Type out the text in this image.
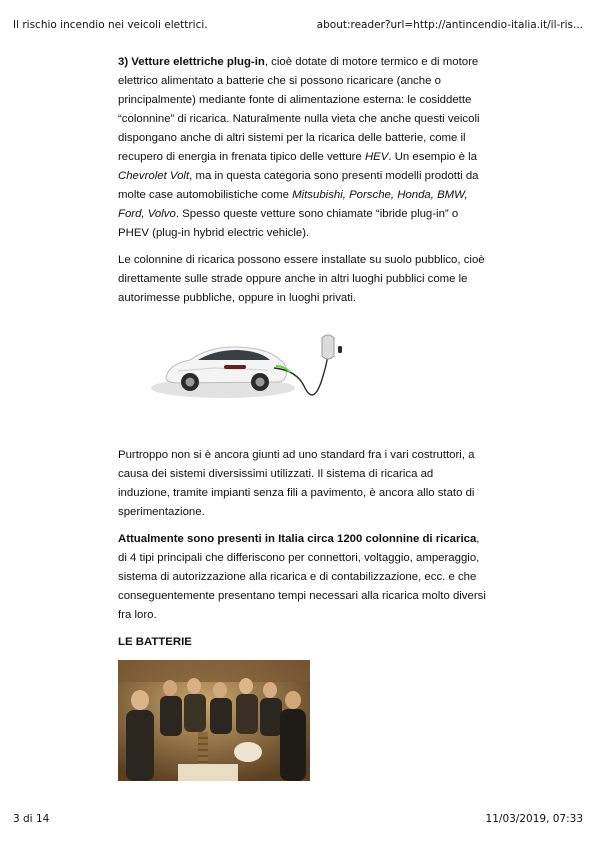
Il rischio incendio nei veicoli elettrici.	about:reader?url=http://antincendio-italia.it/il-ris...

3) Vetture elettriche plug-in, cioè dotate di motore termico e di motore elettrico alimentato a batterie che si possono ricaricare (anche o principalmente) mediante fonte di alimentazione esterna: le cosiddette “colonnine” di ricarica. Naturalmente nulla vieta che anche questi veicoli dispongano anche di altri sistemi per la ricarica delle batterie, come il recupero di energia in frenata tipico delle vetture HEV. Un esempio è la Chevrolet Volt, ma in questa categoria sono presenti modelli prodotti da molte case automobilistiche come Mitsubishi, Porsche, Honda, BMW, Ford, Volvo. Spesso queste vetture sono chiamate “ibride plug-in” o PHEV (plug-in hybrid electric vehicle).

Le colonnine di ricarica possono essere installate su suolo pubblico, cioè direttamente sulle strade oppure anche in altri luoghi pubblici come le autorimesse pubbliche, oppure in luoghi privati.

Purtroppo non si è ancora giunti ad uno standard fra i vari costruttori, a causa dei sistemi diversissimi utilizzati. Il sistema di ricarica ad induzione, tramite impianti senza fili a pavimento, è ancora allo stato di sperimentazione.

Attualmente sono presenti in Italia circa 1200 colonnine di ricarica, di 4 tipi principali che differiscono per connettori, voltaggio, amperaggio, sistema di autorizzazione alla ricarica e di contabilizzazione, ecc. e che conseguentemente presentano tempi necessari alla ricarica molto diversi fra loro.

LE BATTERIE

3 di 14	11/03/2019, 07:33
